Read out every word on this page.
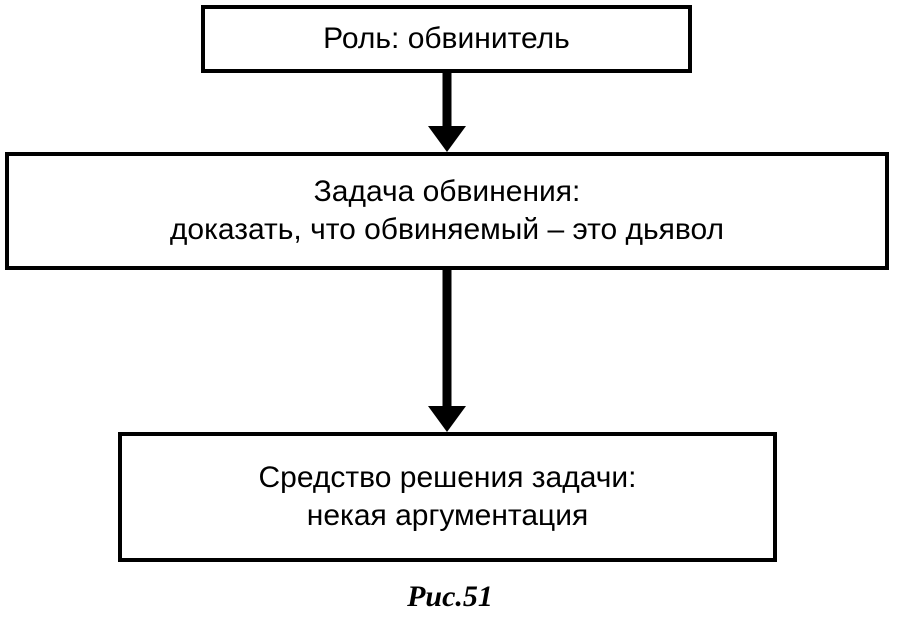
Роль: обвинитель
Задача обвинения:
доказать, что обвиняемый – это дьявол
Средство решения задачи:
некая аргументация
Рис.51
